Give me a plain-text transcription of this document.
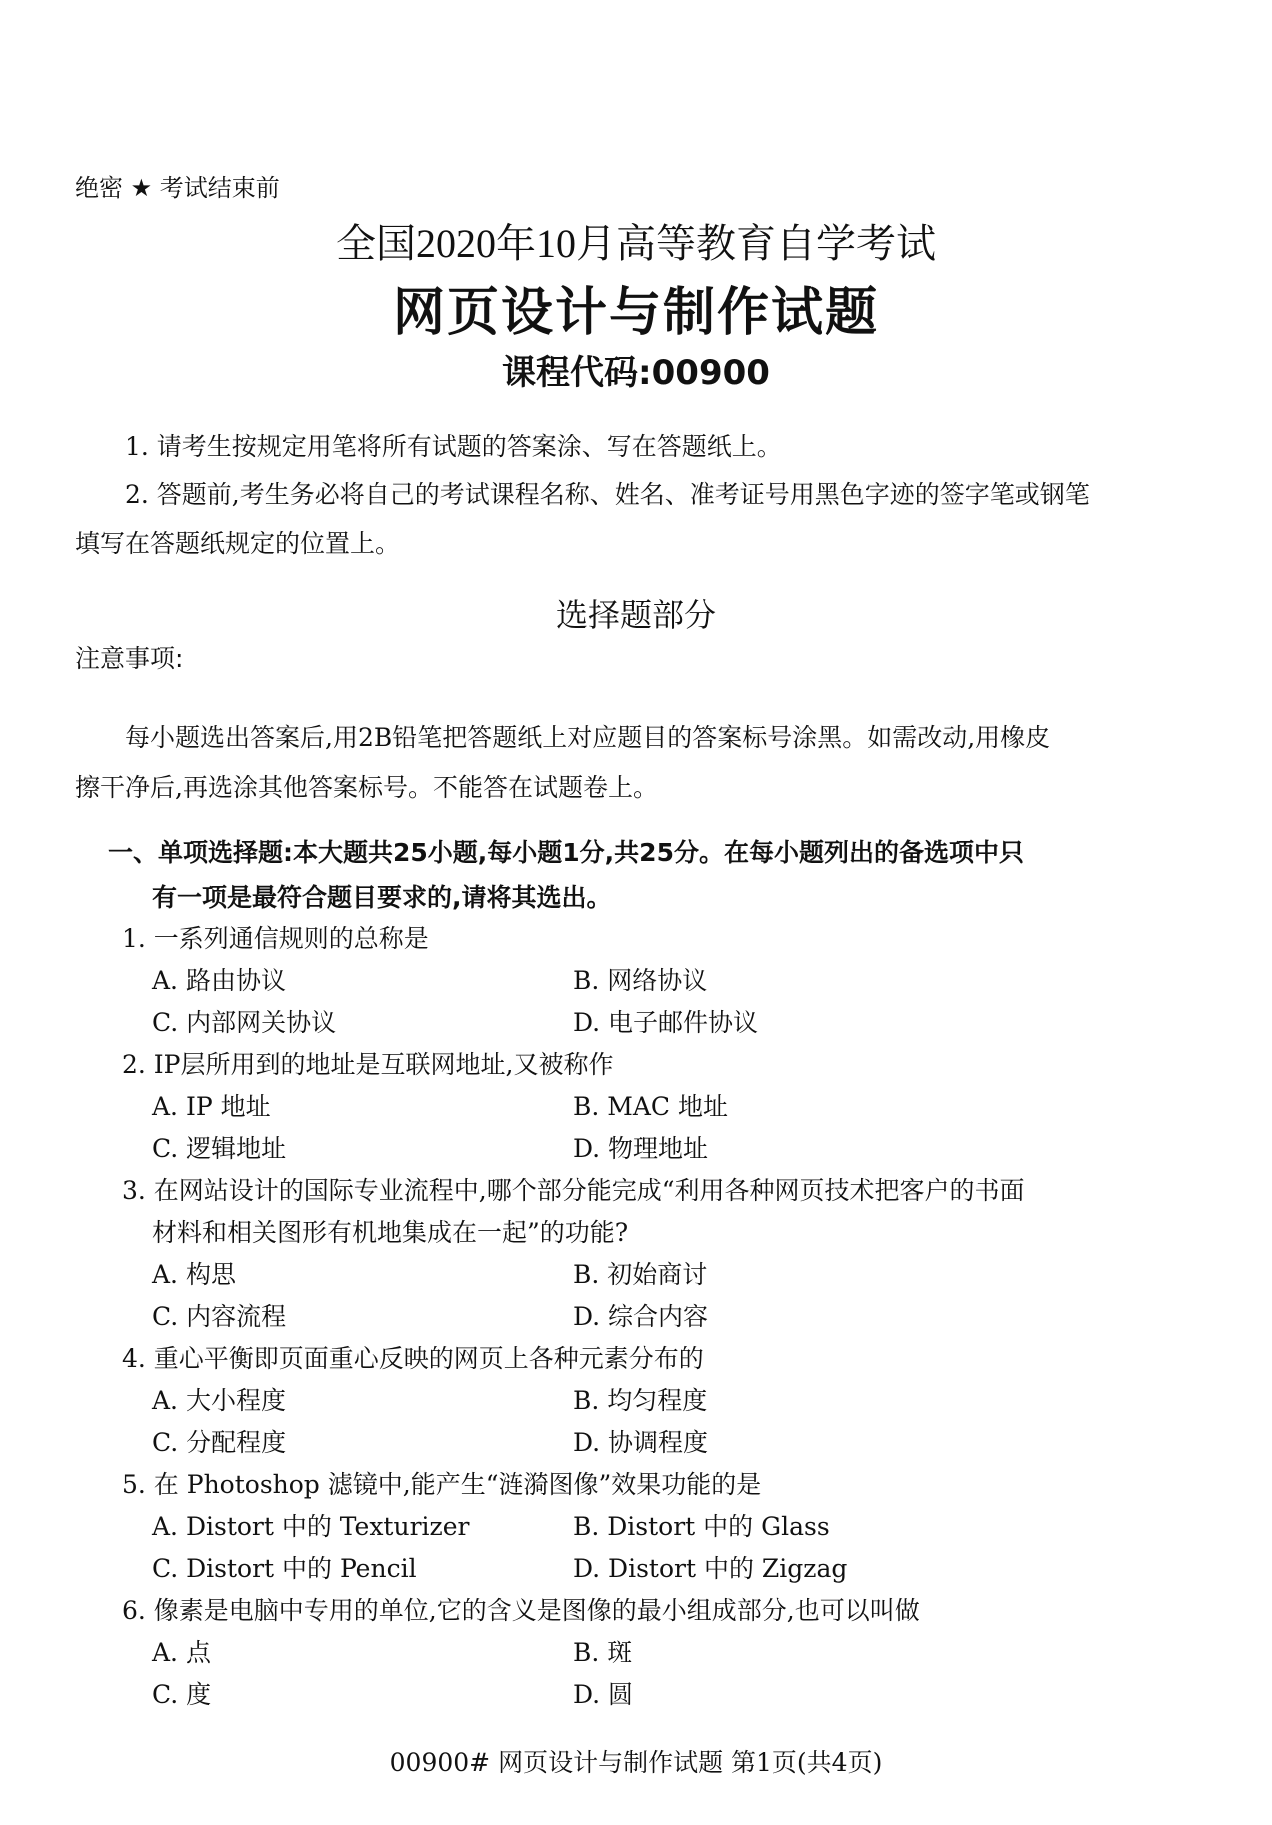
绝密 ★ 考试结束前
全国2020年10月高等教育自学考试
网页设计与制作试题
课程代码:00900
1. 请考生按规定用笔将所有试题的答案涂、写在答题纸上。
2. 答题前,考生务必将自己的考试课程名称、姓名、准考证号用黑色字迹的签字笔或钢笔
填写在答题纸规定的位置上。
选择题部分
注意事项:
每小题选出答案后,用2B铅笔把答题纸上对应题目的答案标号涂黑。如需改动,用橡皮
擦干净后,再选涂其他答案标号。不能答在试题卷上。
一、单项选择题:本大题共25小题,每小题1分,共25分。在每小题列出的备选项中只
有一项是最符合题目要求的,请将其选出。
1. 一系列通信规则的总称是
A. 路由协议	B. 网络协议
C. 内部网关协议	D. 电子邮件协议
2. IP层所用到的地址是互联网地址,又被称作
A. IP 地址	B. MAC 地址
C. 逻辑地址	D. 物理地址
3. 在网站设计的国际专业流程中,哪个部分能完成“利用各种网页技术把客户的书面
材料和相关图形有机地集成在一起”的功能?
A. 构思	B. 初始商讨
C. 内容流程	D. 综合内容
4. 重心平衡即页面重心反映的网页上各种元素分布的
A. 大小程度	B. 均匀程度
C. 分配程度	D. 协调程度
5. 在 Photoshop 滤镜中,能产生“涟漪图像”效果功能的是
A. Distort 中的 Texturizer	B. Distort 中的 Glass
C. Distort 中的 Pencil	D. Distort 中的 Zigzag
6. 像素是电脑中专用的单位,它的含义是图像的最小组成部分,也可以叫做
A. 点	B. 斑
C. 度	D. 圆
00900# 网页设计与制作试题 第1页(共4页)
